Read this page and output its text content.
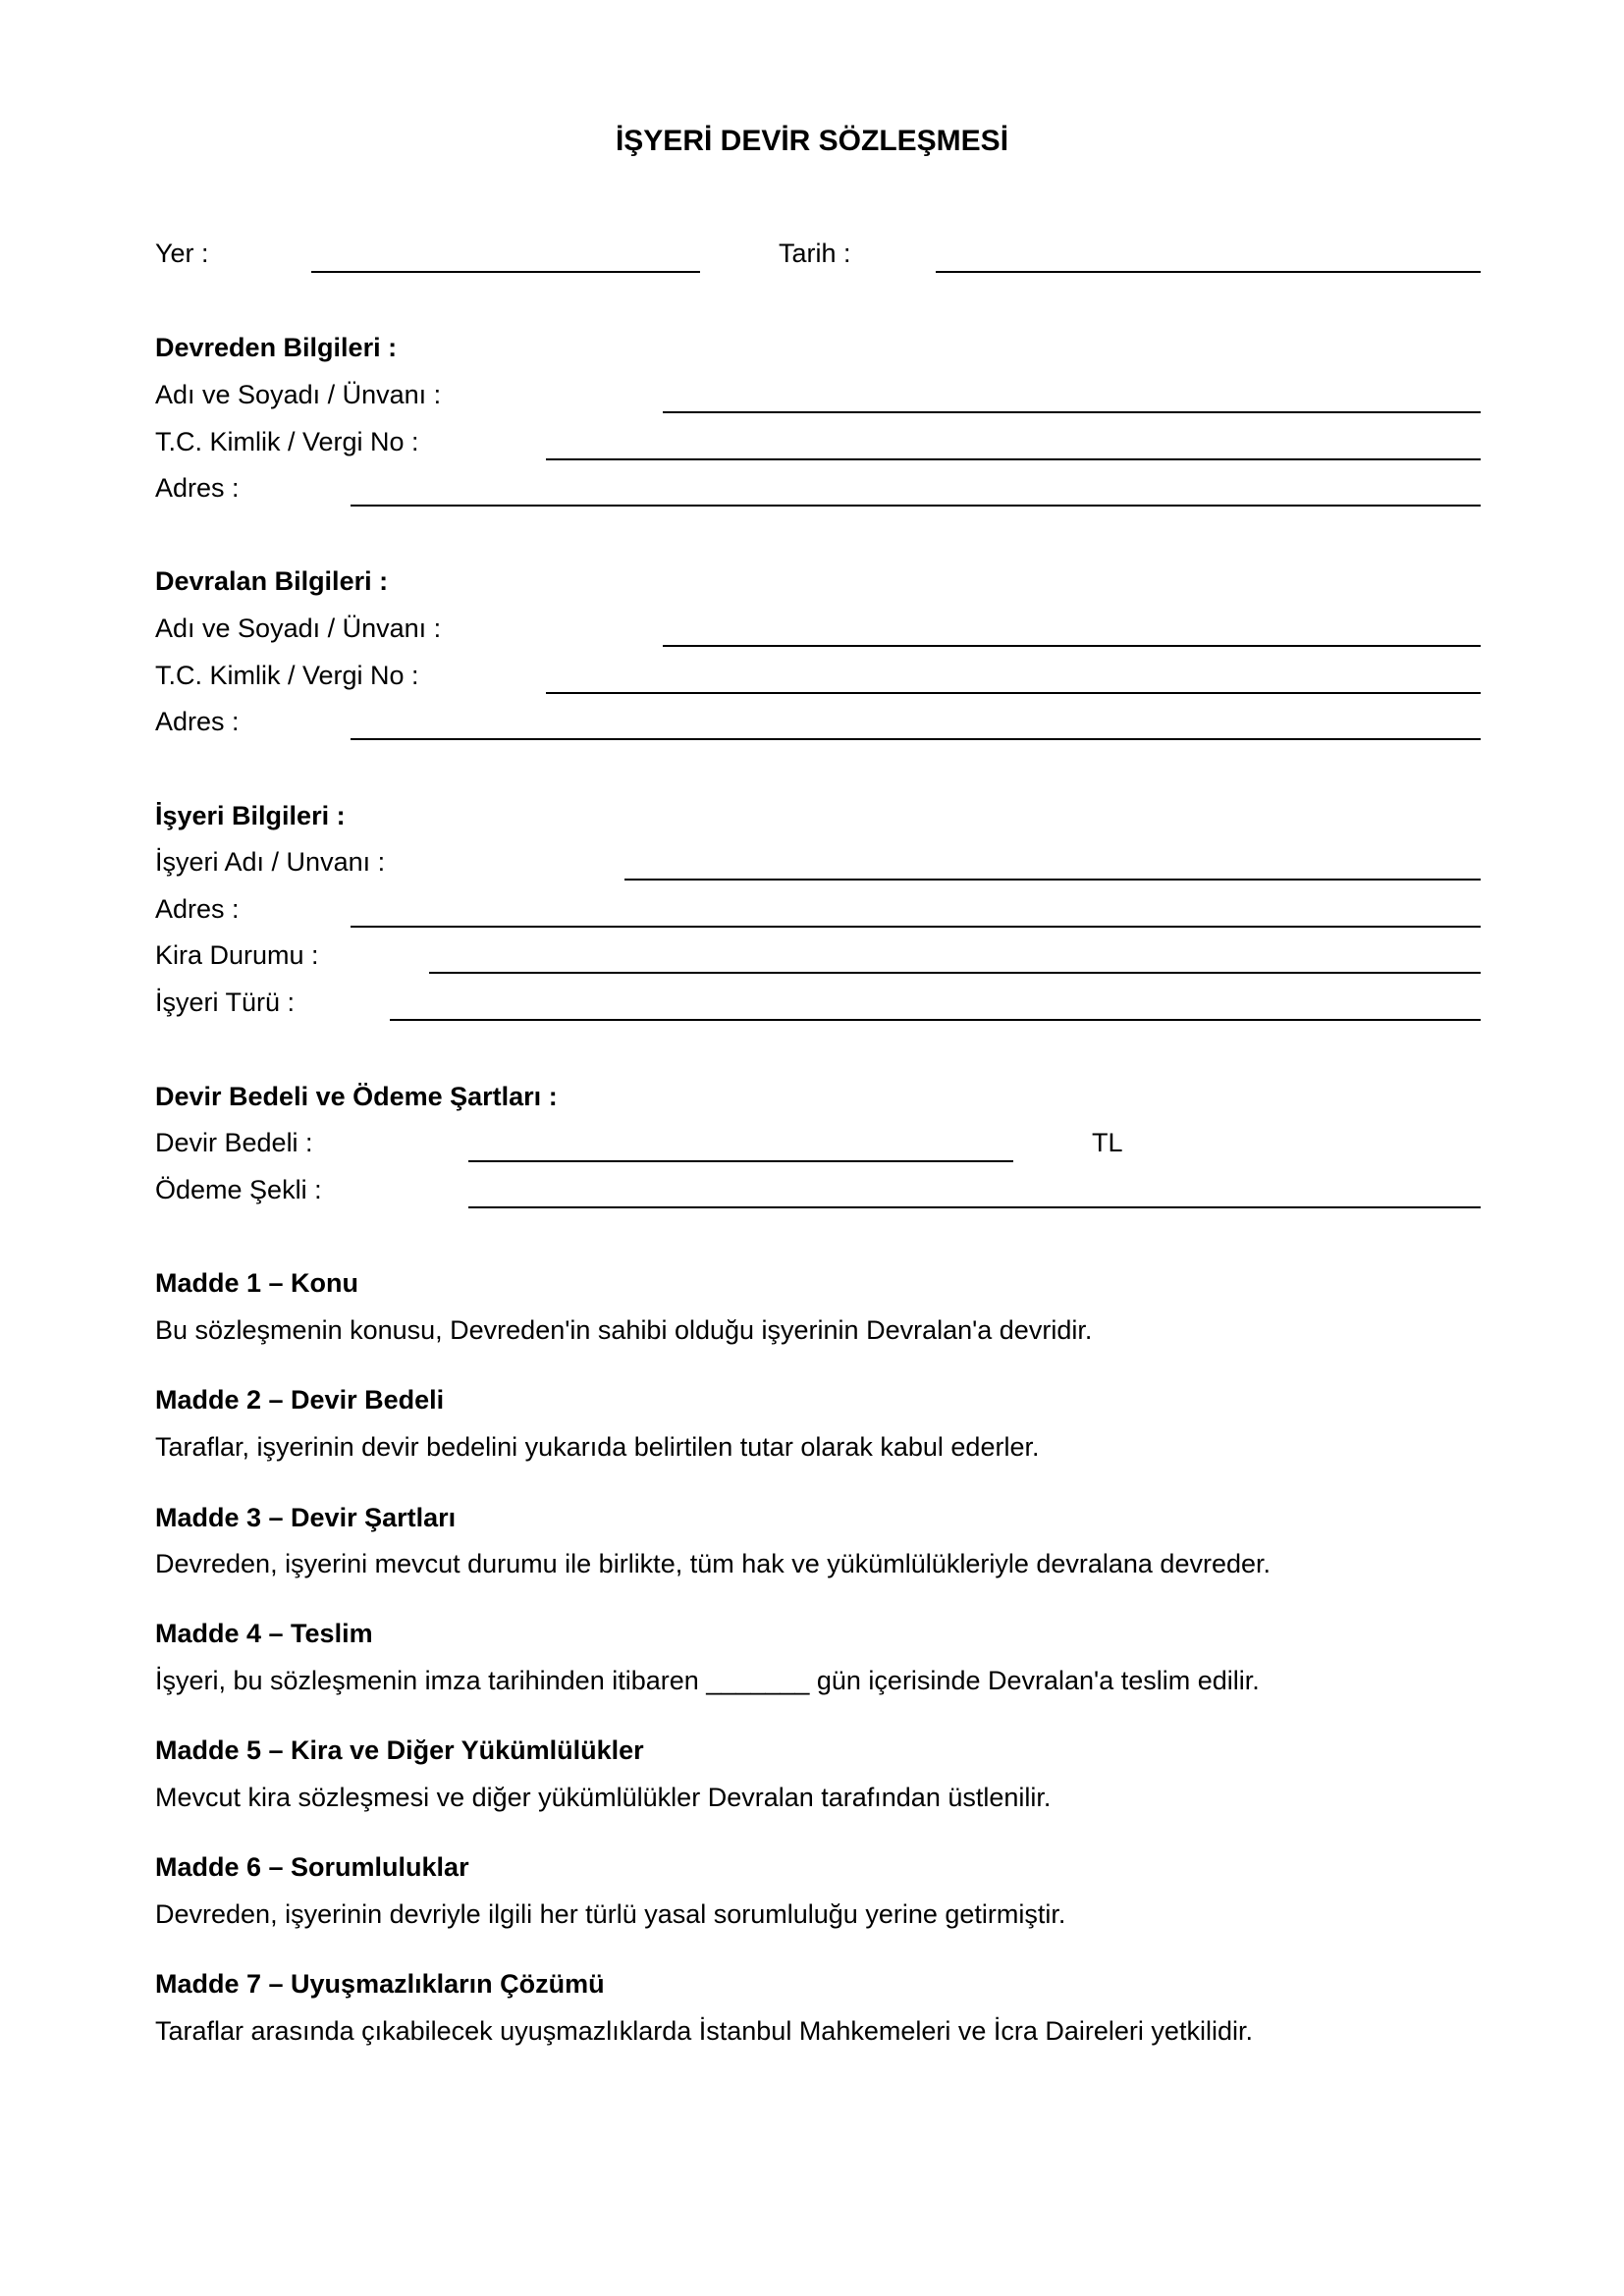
İŞYERİ DEVİR SÖZLEŞMESİ
Yer :	Tarih :
Devreden Bilgileri :
Adı ve Soyadı / Ünvanı :
T.C. Kimlik / Vergi No :
Adres :
Devralan Bilgileri :
Adı ve Soyadı / Ünvanı :
T.C. Kimlik / Vergi No :
Adres :
İşyeri Bilgileri :
İşyeri Adı / Unvanı :
Adres :
Kira Durumu :
İşyeri Türü :
Devir Bedeli ve Ödeme Şartları :
Devir Bedeli :	TL
Ödeme Şekli :
Madde 1 – Konu
Bu sözleşmenin konusu, Devreden'in sahibi olduğu işyerinin Devralan'a devridir.
Madde 2 – Devir Bedeli
Taraflar, işyerinin devir bedelini yukarıda belirtilen tutar olarak kabul ederler.
Madde 3 – Devir Şartları
Devreden, işyerini mevcut durumu ile birlikte, tüm hak ve yükümlülükleriyle devralana devreder.
Madde 4 – Teslim
İşyeri, bu sözleşmenin imza tarihinden itibaren _______ gün içerisinde Devralan'a teslim edilir.
Madde 5 – Kira ve Diğer Yükümlülükler
Mevcut kira sözleşmesi ve diğer yükümlülükler Devralan tarafından üstlenilir.
Madde 6 – Sorumluluklar
Devreden, işyerinin devriyle ilgili her türlü yasal sorumluluğu yerine getirmiştir.
Madde 7 – Uyuşmazlıkların Çözümü
Taraflar arasında çıkabilecek uyuşmazlıklarda İstanbul Mahkemeleri ve İcra Daireleri yetkilidir.
